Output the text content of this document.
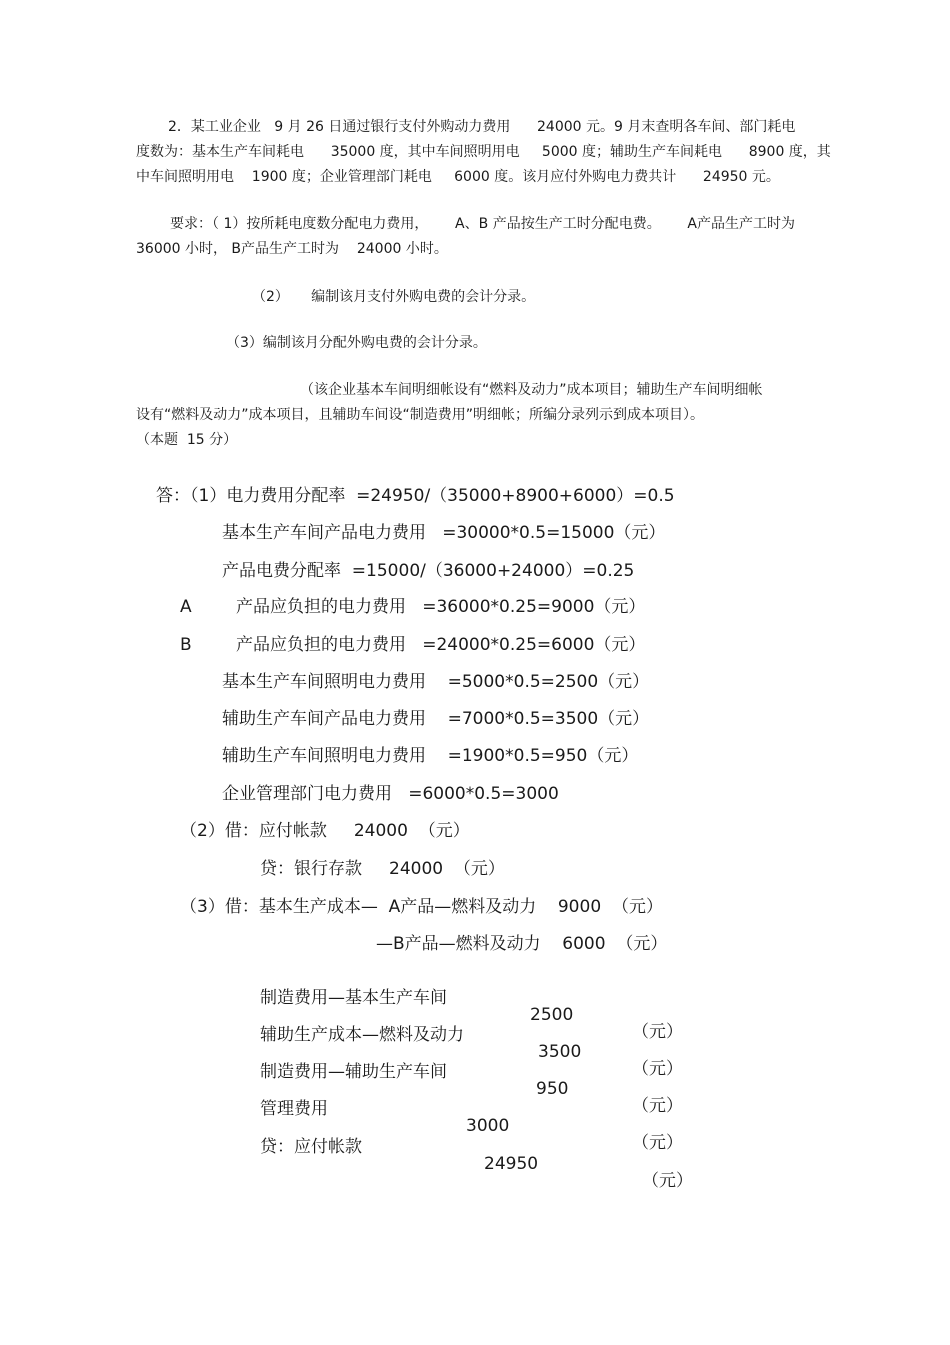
2．某工业企业   9 月 26 日通过银行支付外购动力费用      24000 元。9 月末查明各车间、部门耗电
度数为：基本生产车间耗电      35000 度，其中车间照明用电     5000 度；辅助生产车间耗电      8900 度，其
中车间照明用电    1900 度；企业管理部门耗电     6000 度。该月应付外购电力费共计      24950 元。
要求：（ 1）按所耗电度数分配电力费用，      A、B 产品按生产工时分配电费。      A产品生产工时为
36000 小时， B产品生产工时为    24000 小时。
（2）     编制该月支付外购电费的会计分录。
（3）编制该月分配外购电费的会计分录。
（该企业基本车间明细帐设有“燃料及动力”成本项目；辅助生产车间明细帐
设有“燃料及动力”成本项目，且辅助车间设“制造费用”明细帐；所编分录列示到成本项目）。
（本题  15 分）
答：（1）电力费用分配率  =24950/（35000+8900+6000）=0.5
基本生产车间产品电力费用   =30000*0.5=15000（元）
产品电费分配率  =15000/（36000+24000）=0.25
A	产品应负担的电力费用   =36000*0.25=9000（元）
B	产品应负担的电力费用   =24000*0.25=6000（元）
基本生产车间照明电力费用    =5000*0.5=2500（元）
辅助生产车间产品电力费用    =7000*0.5=3500（元）
辅助生产车间照明电力费用    =1900*0.5=950（元）
企业管理部门电力费用   =6000*0.5=3000
（2）借：应付帐款     24000  （元）
贷：银行存款     24000  （元）
（3）借：基本生产成本—  A产品—燃料及动力    9000  （元）
—B产品—燃料及动力    6000  （元）

制造费用—基本生产车间

2500

（元）

辅助生产成本—燃料及动力

3500

（元）

制造费用—辅助生产车间

950

（元）

管理费用

3000

（元）

贷：应付帐款

24950

（元）
